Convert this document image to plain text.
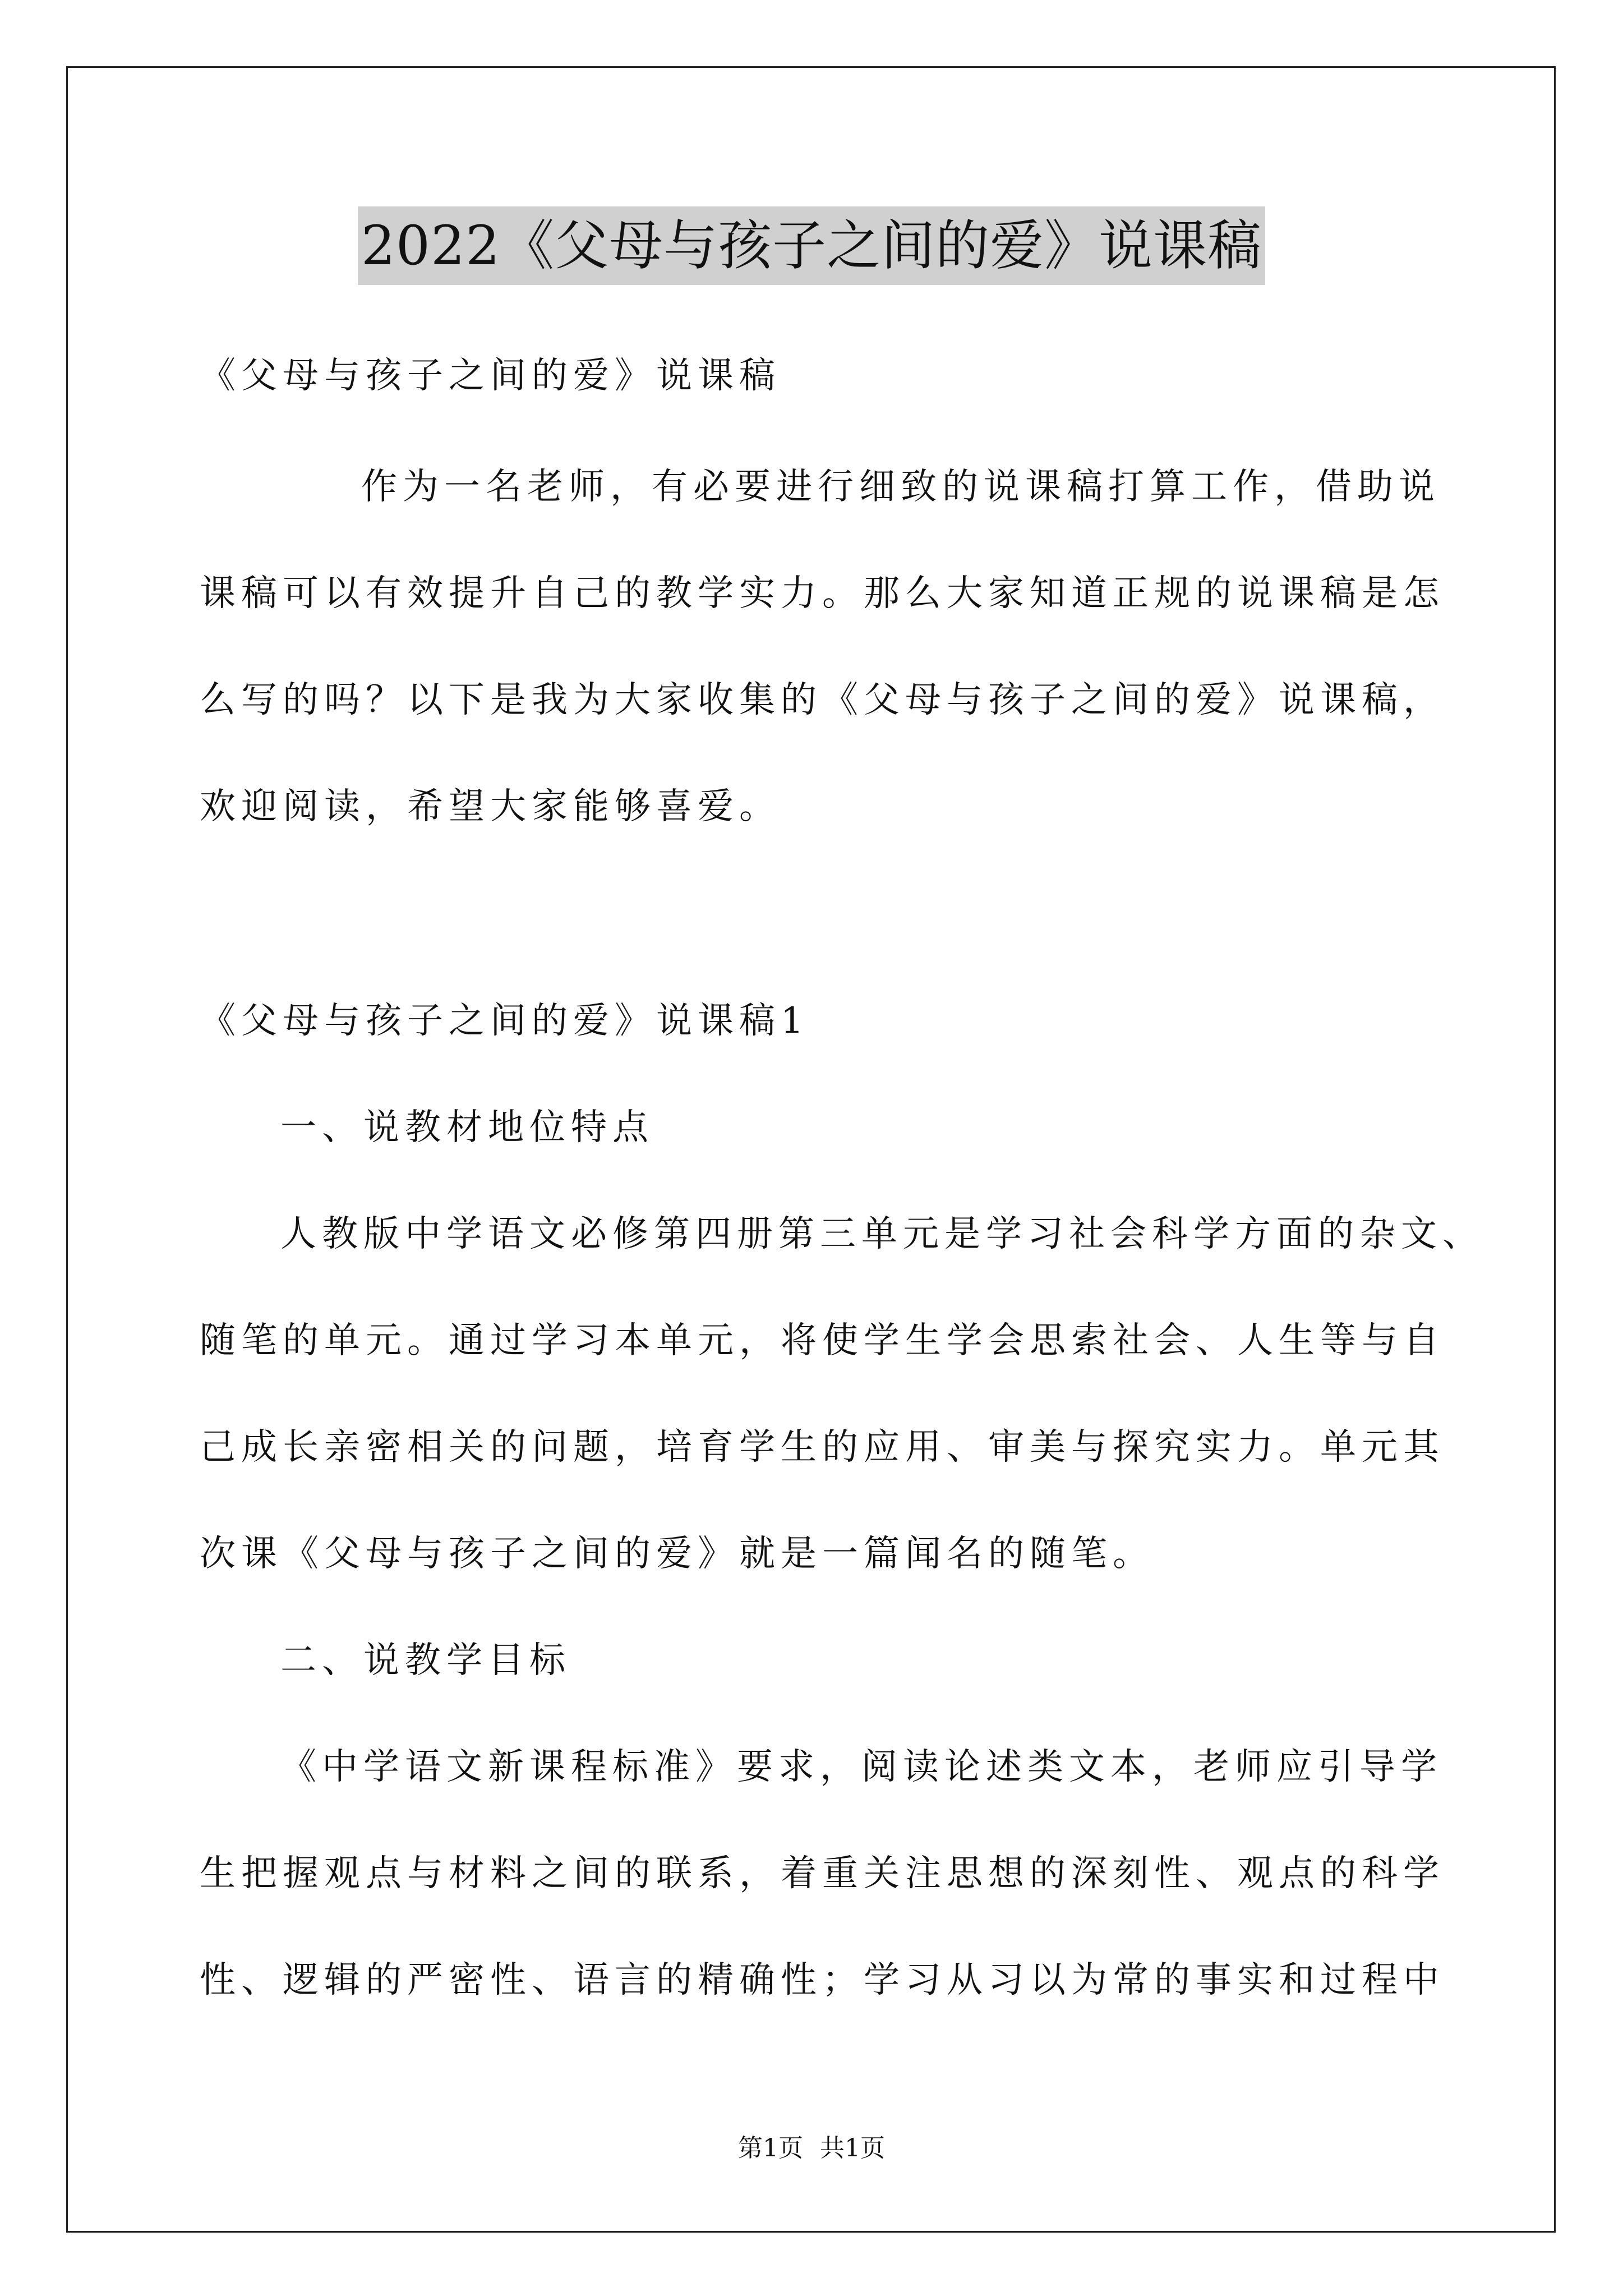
2022《父母与孩子之间的爱》说课稿
《父母与孩子之间的爱》说课稿
作为一名老师，有必要进行细致的说课稿打算工作，借助说
课稿可以有效提升自己的教学实力。那么大家知道正规的说课稿是怎
么写的吗？以下是我为大家收集的《父母与孩子之间的爱》说课稿，
欢迎阅读，希望大家能够喜爱。
《父母与孩子之间的爱》说课稿1
一、说教材地位特点
人教版中学语文必修第四册第三单元是学习社会科学方面的杂文、
随笔的单元。通过学习本单元，将使学生学会思索社会、人生等与自
己成长亲密相关的问题，培育学生的应用、审美与探究实力。单元其
次课《父母与孩子之间的爱》就是一篇闻名的随笔。
二、说教学目标
《中学语文新课程标准》要求，阅读论述类文本，老师应引导学
生把握观点与材料之间的联系，着重关注思想的深刻性、观点的科学
性、逻辑的严密性、语言的精确性；学习从习以为常的事实和过程中
第1页 共1页
